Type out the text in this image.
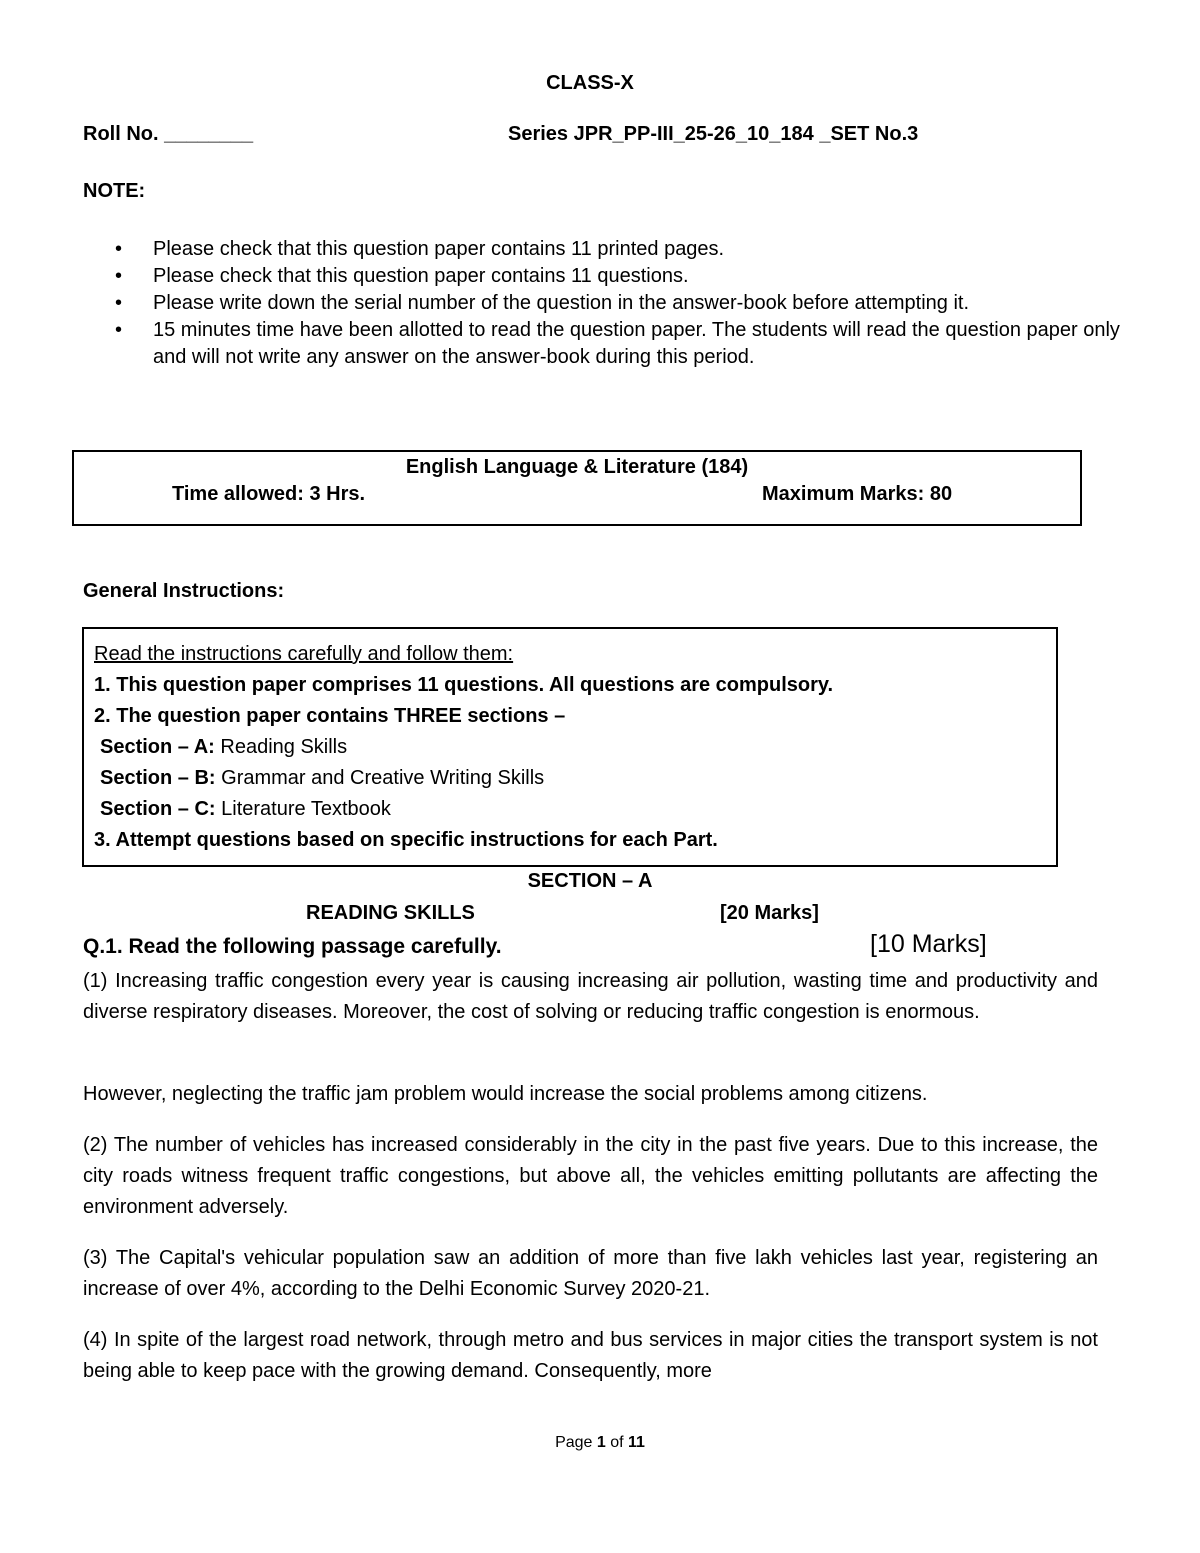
CLASS-X
Roll No. ________	Series JPR_PP-III_25-26_10_184 _SET No.3
NOTE:
• Please check that this question paper contains 11 printed pages.
• Please check that this question paper contains 11 questions.
• Please write down the serial number of the question in the answer-book before attempting it.
• 15 minutes time have been allotted to read the question paper. The students will read the question paper only and will not write any answer on the answer-book during this period.
English Language & Literature (184)
Time allowed: 3 Hrs.	Maximum Marks: 80
General Instructions:
Read the instructions carefully and follow them:
1. This question paper comprises 11 questions. All questions are compulsory.
2. The question paper contains THREE sections –
Section – A: Reading Skills
Section – B: Grammar and Creative Writing Skills
Section – C: Literature Textbook
3. Attempt questions based on specific instructions for each Part.
SECTION – A
READING SKILLS	[20 Marks]
Q.1. Read the following passage carefully.	[10 Marks]

(1) Increasing traffic congestion every year is causing increasing air pollution, wasting time and productivity and diverse respiratory diseases. Moreover, the cost of solving or reducing traffic congestion is enormous.

However, neglecting the traffic jam problem would increase the social problems among citizens.

(2) The number of vehicles has increased considerably in the city in the past five years. Due to this increase, the city roads witness frequent traffic congestions, but above all, the vehicles emitting pollutants are affecting the environment adversely.

(3) The Capital's vehicular population saw an addition of more than five lakh vehicles last year, registering an increase of over 4%, according to the Delhi Economic Survey 2020-21.

(4) In spite of the largest road network, through metro and bus services in major cities the transport system is not being able to keep pace with the growing demand. Consequently, more

Page 1 of 11
